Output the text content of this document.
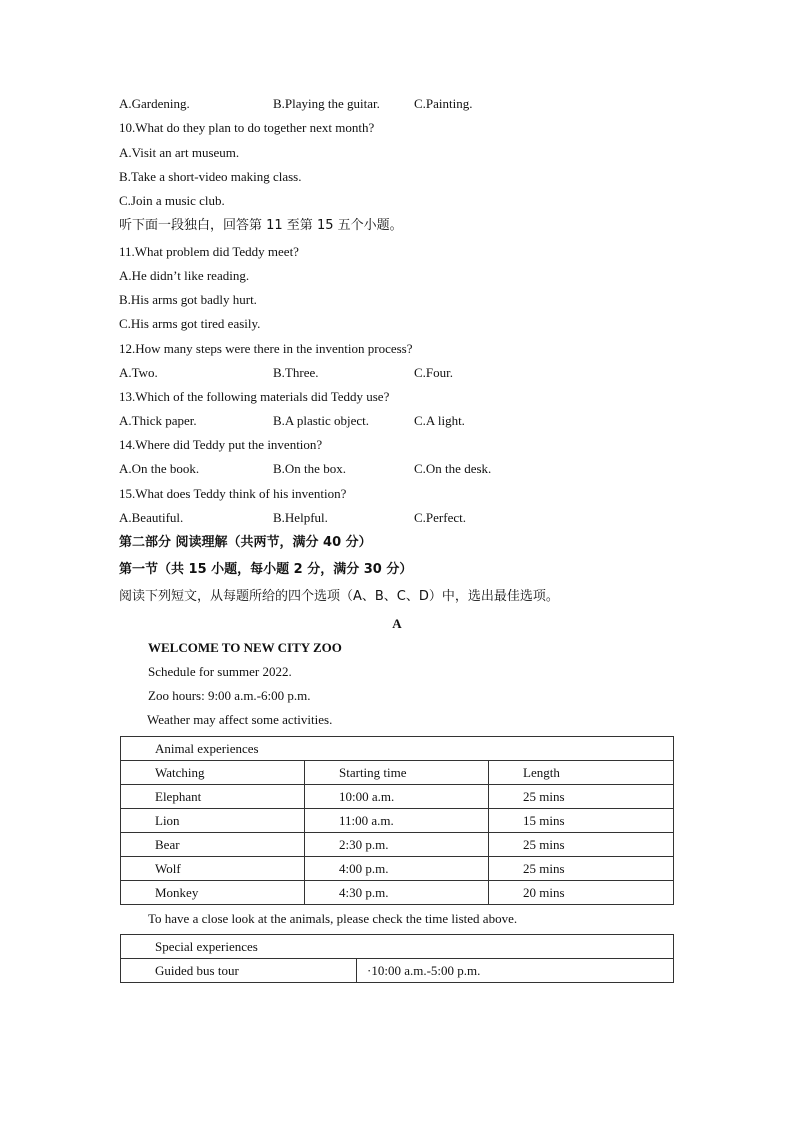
A.Gardening.	B.Playing the guitar.	C.Painting.
10.What do they plan to do together next month?
A.Visit an art museum.
B.Take a short-video making class.
C.Join a music club.
听下面一段独白，回答第 11 至第 15 五个小题。
11.What problem did Teddy meet?
A.He didn’t like reading.
B.His arms got badly hurt.
C.His arms got tired easily.
12.How many steps were there in the invention process?
A.Two.	B.Three.	C.Four.
13.Which of the following materials did Teddy use?
A.Thick paper.	B.A plastic object.	C.A light.
14.Where did Teddy put the invention?
A.On the book.	B.On the box.	C.On the desk.
15.What does Teddy think of his invention?
A.Beautiful.	B.Helpful.	C.Perfect.
第二部分 阅读理解（共两节，满分 40 分）
第一节（共 15 小题，每小题 2 分，满分 30 分）
阅读下列短文，从每题所给的四个选项（A、B、C、D）中，选出最佳选项。
A
WELCOME TO NEW CITY ZOO
Schedule for summer 2022.
Zoo hours: 9:00 a.m.-6:00 p.m.
Weather may affect some activities.
Animal experiences		
Watching	Starting time	Length
Elephant	10:00 a.m.	25 mins
Lion	11:00 a.m.	15 mins
Bear	2:30 p.m.	25 mins
Wolf	4:00 p.m.	25 mins
Monkey	4:30 p.m.	20 mins
To have a close look at the animals, please check the time listed above.
Special experiences
Guided bus tour	·10:00 a.m.-5:00 p.m.
